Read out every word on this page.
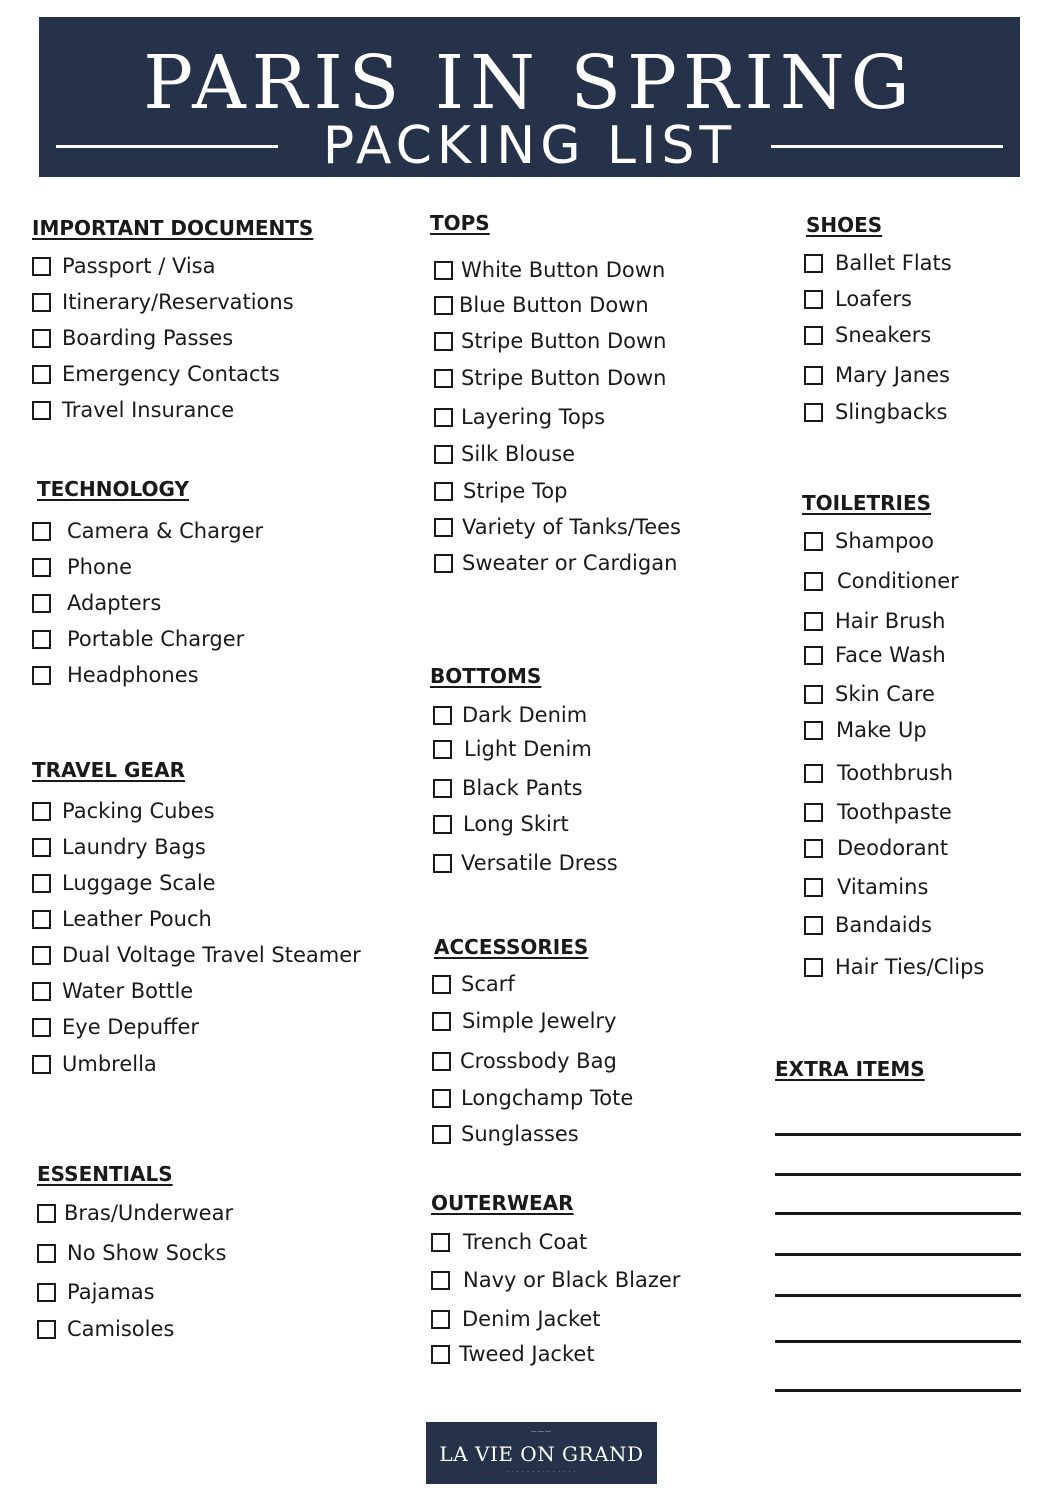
PARIS IN SPRING
PACKING LIST
IMPORTANT DOCUMENTS
Passport / Visa
Itinerary/Reservations
Boarding Passes
Emergency Contacts
Travel Insurance
TECHNOLOGY
Camera & Charger
Phone
Adapters
Portable Charger
Headphones
TRAVEL GEAR
Packing Cubes
Laundry Bags
Luggage Scale
Leather Pouch
Dual Voltage Travel Steamer
Water Bottle
Eye Depuffer
Umbrella
ESSENTIALS
Bras/Underwear
No Show Socks
Pajamas
Camisoles
TOPS
White Button Down
Blue Button Down
Stripe Button Down
Stripe Button Down
Layering Tops
Silk Blouse
Stripe Top
Variety of Tanks/Tees
Sweater or Cardigan
BOTTOMS
Dark Denim
Light Denim
Black Pants
Long Skirt
Versatile Dress
ACCESSORIES
Scarf
Simple Jewelry
Crossbody Bag
Longchamp Tote
Sunglasses
OUTERWEAR
Trench Coat
Navy or Black Blazer
Denim Jacket
Tweed Jacket
SHOES
Ballet Flats
Loafers
Sneakers
Mary Janes
Slingbacks
TOILETRIES
Shampoo
Conditioner
Hair Brush
Face Wash
Skin Care
Make Up
Toothbrush
Toothpaste
Deodorant
Vitamins
Bandaids
Hair Ties/Clips
EXTRA ITEMS
———
LA VIE ON GRAND
· · · · · · · · · · · · · ·
